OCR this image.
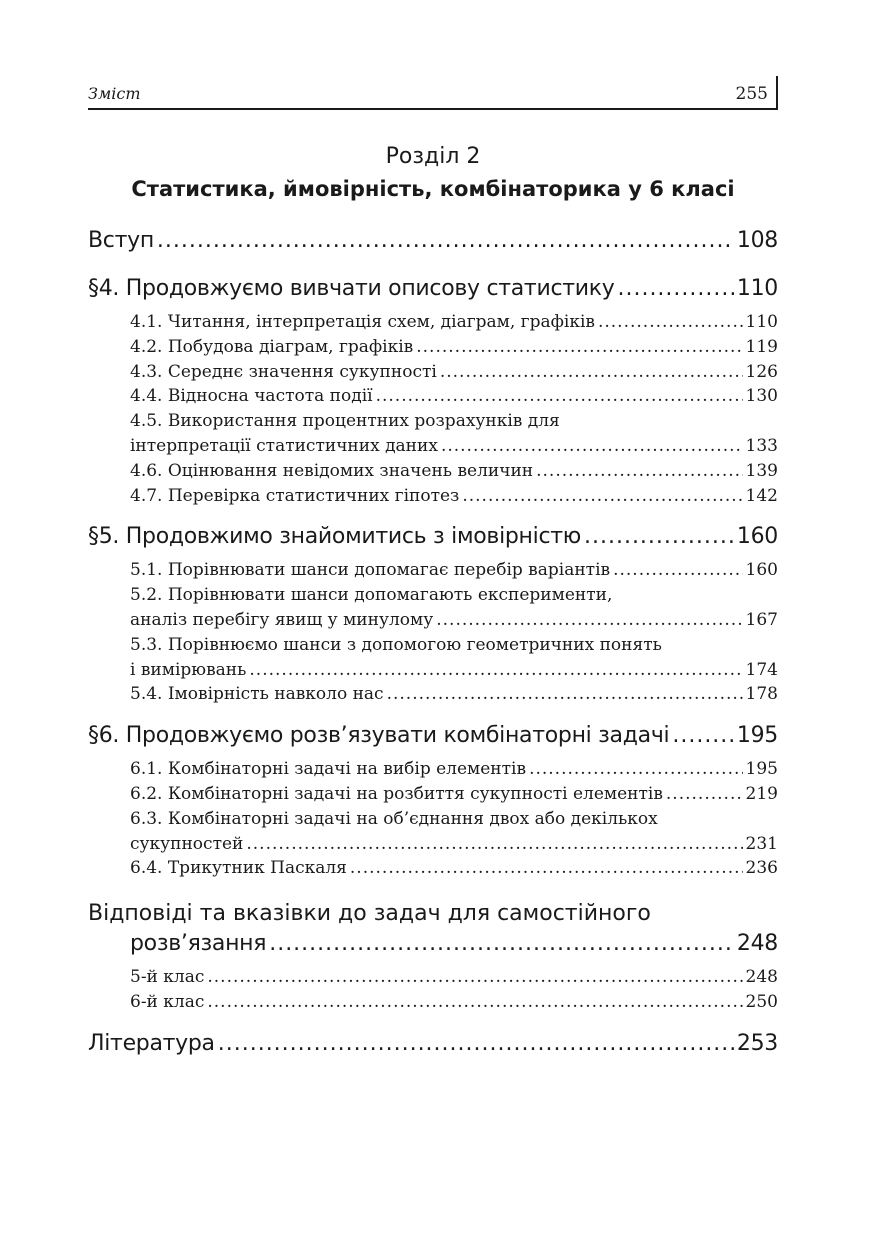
Зміст	255
Розділ 2
Статистика, ймовірність, комбінаторика у 6 класі
Вступ .....	108
§4. Продовжуємо вивчати описову статистику .....	110
4.1. Читання, інтерпретація схем, діаграм, графіків .....	110
4.2. Побудова діаграм, графіків .....	119
4.3. Середнє значення сукупності .....	126
4.4. Відносна частота події .....	130
4.5. Використання процентних розрахунків для
інтерпретації статистичних даних .....	133
4.6. Оцінювання невідомих значень величин .....	139
4.7. Перевірка статистичних гіпотез .....	142
§5. Продовжимо знайомитись з імовірністю .....	160
5.1. Порівнювати шанси допомагає перебір варіантів .....	160
5.2. Порівнювати шанси допомагають експерименти,
аналіз перебігу явищ у минулому .....	167
5.3. Порівнюємо шанси з допомогою геометричних понять
і вимірювань .....	174
5.4. Імовірність навколо нас .....	178
§6. Продовжуємо розв’язувати комбінаторні задачі .....	195
6.1. Комбінаторні задачі на вибір елементів .....	195
6.2. Комбінаторні задачі на розбиття сукупності елементів .....	219
6.3. Комбінаторні задачі на об’єднання двох або декількох
сукупностей .....	231
6.4. Трикутник Паскаля .....	236
Відповіді та вказівки до задач для самостійного
розв’язання .....	248
5-й клас .....	248
6-й клас .....	250
Література .....	253
